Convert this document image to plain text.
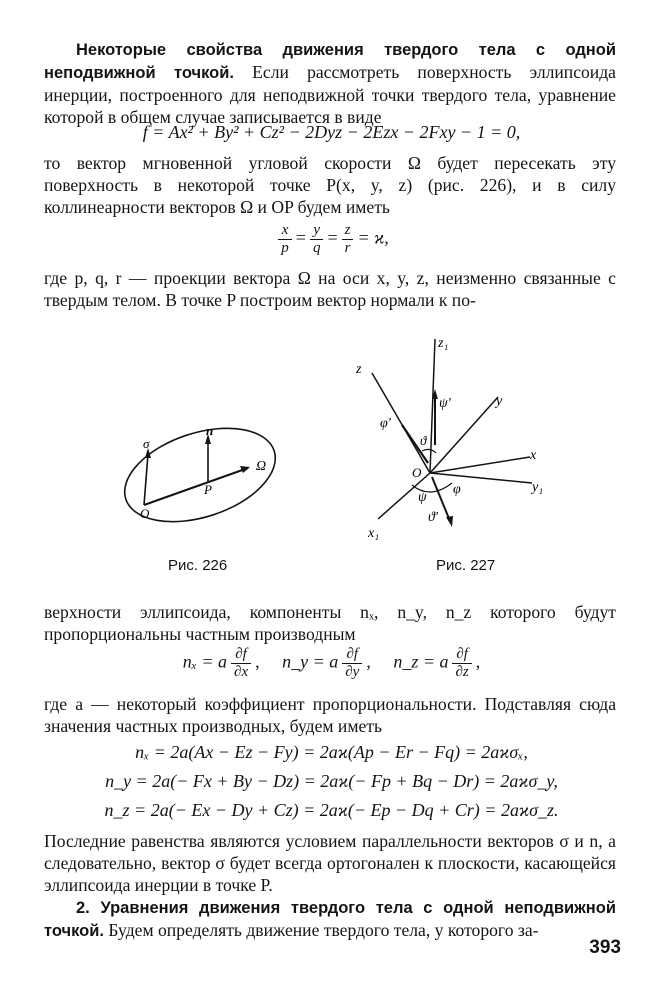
Некоторые свойства движения твердого тела с одной неподвижной точкой. Если рассмотреть поверхность эллипсоида инерции, построенного для неподвижной точки твердого тела, уравнение которой в общем случае записывается в виде

f = Ax² + By² + Cz² − 2Dyz − 2Ezx − 2Fxy − 1 = 0,

то вектор мгновенной угловой скорости Ω будет пересекать эту поверхность в некоторой точке P(x, y, z) (рис. 226), и в силу коллинеарности векторов Ω и OP будем иметь

$\frac{x}{p} = \frac{y}{q} = \frac{z}{r} = ϰ$,

где p, q, r — проекции вектора Ω на оси x, y, z, неизменно связанные с твердым телом. В точке P построим вектор нормали к по-

σ
n
Ω
O
P
Рис. 226
z₁
z
y
x
y₁
x₁
O
ψ'
φ'
ϑ
ψ
φ
ϑ'
Рис. 227

верхности эллипсоида, компоненты nₓ, n_y, n_z которого будут пропорциональны частным производным

nₓ = a $\frac{\partial f}{\partial x}$ , n_y = a $\frac{\partial f}{\partial y}$ , n_z = a $\frac{\partial f}{\partial z}$ ,

где a — некоторый коэффициент пропорциональности. Подставляя сюда значения частных производных, будем иметь

nₓ = 2a(Ax − Ez − Fy) = 2aϰ(Ap − Er − Fq) = 2aϰσₓ,
n_y = 2a(− Fx + By − Dz) = 2aϰ(− Fp + Bq − Dr) = 2aϰσ_y,
n_z = 2a(− Ex − Dy + Cz) = 2aϰ(− Ep − Dq + Cr) = 2aϰσ_z.

Последние равенства являются условием параллельности векторов σ и n, а следовательно, вектор σ будет всегда ортогонален к плоскости, касающейся эллипсоида инерции в точке P.

2. Уравнения движения твердого тела с одной неподвижной точкой. Будем определять движение твердого тела, у которого за-

393
